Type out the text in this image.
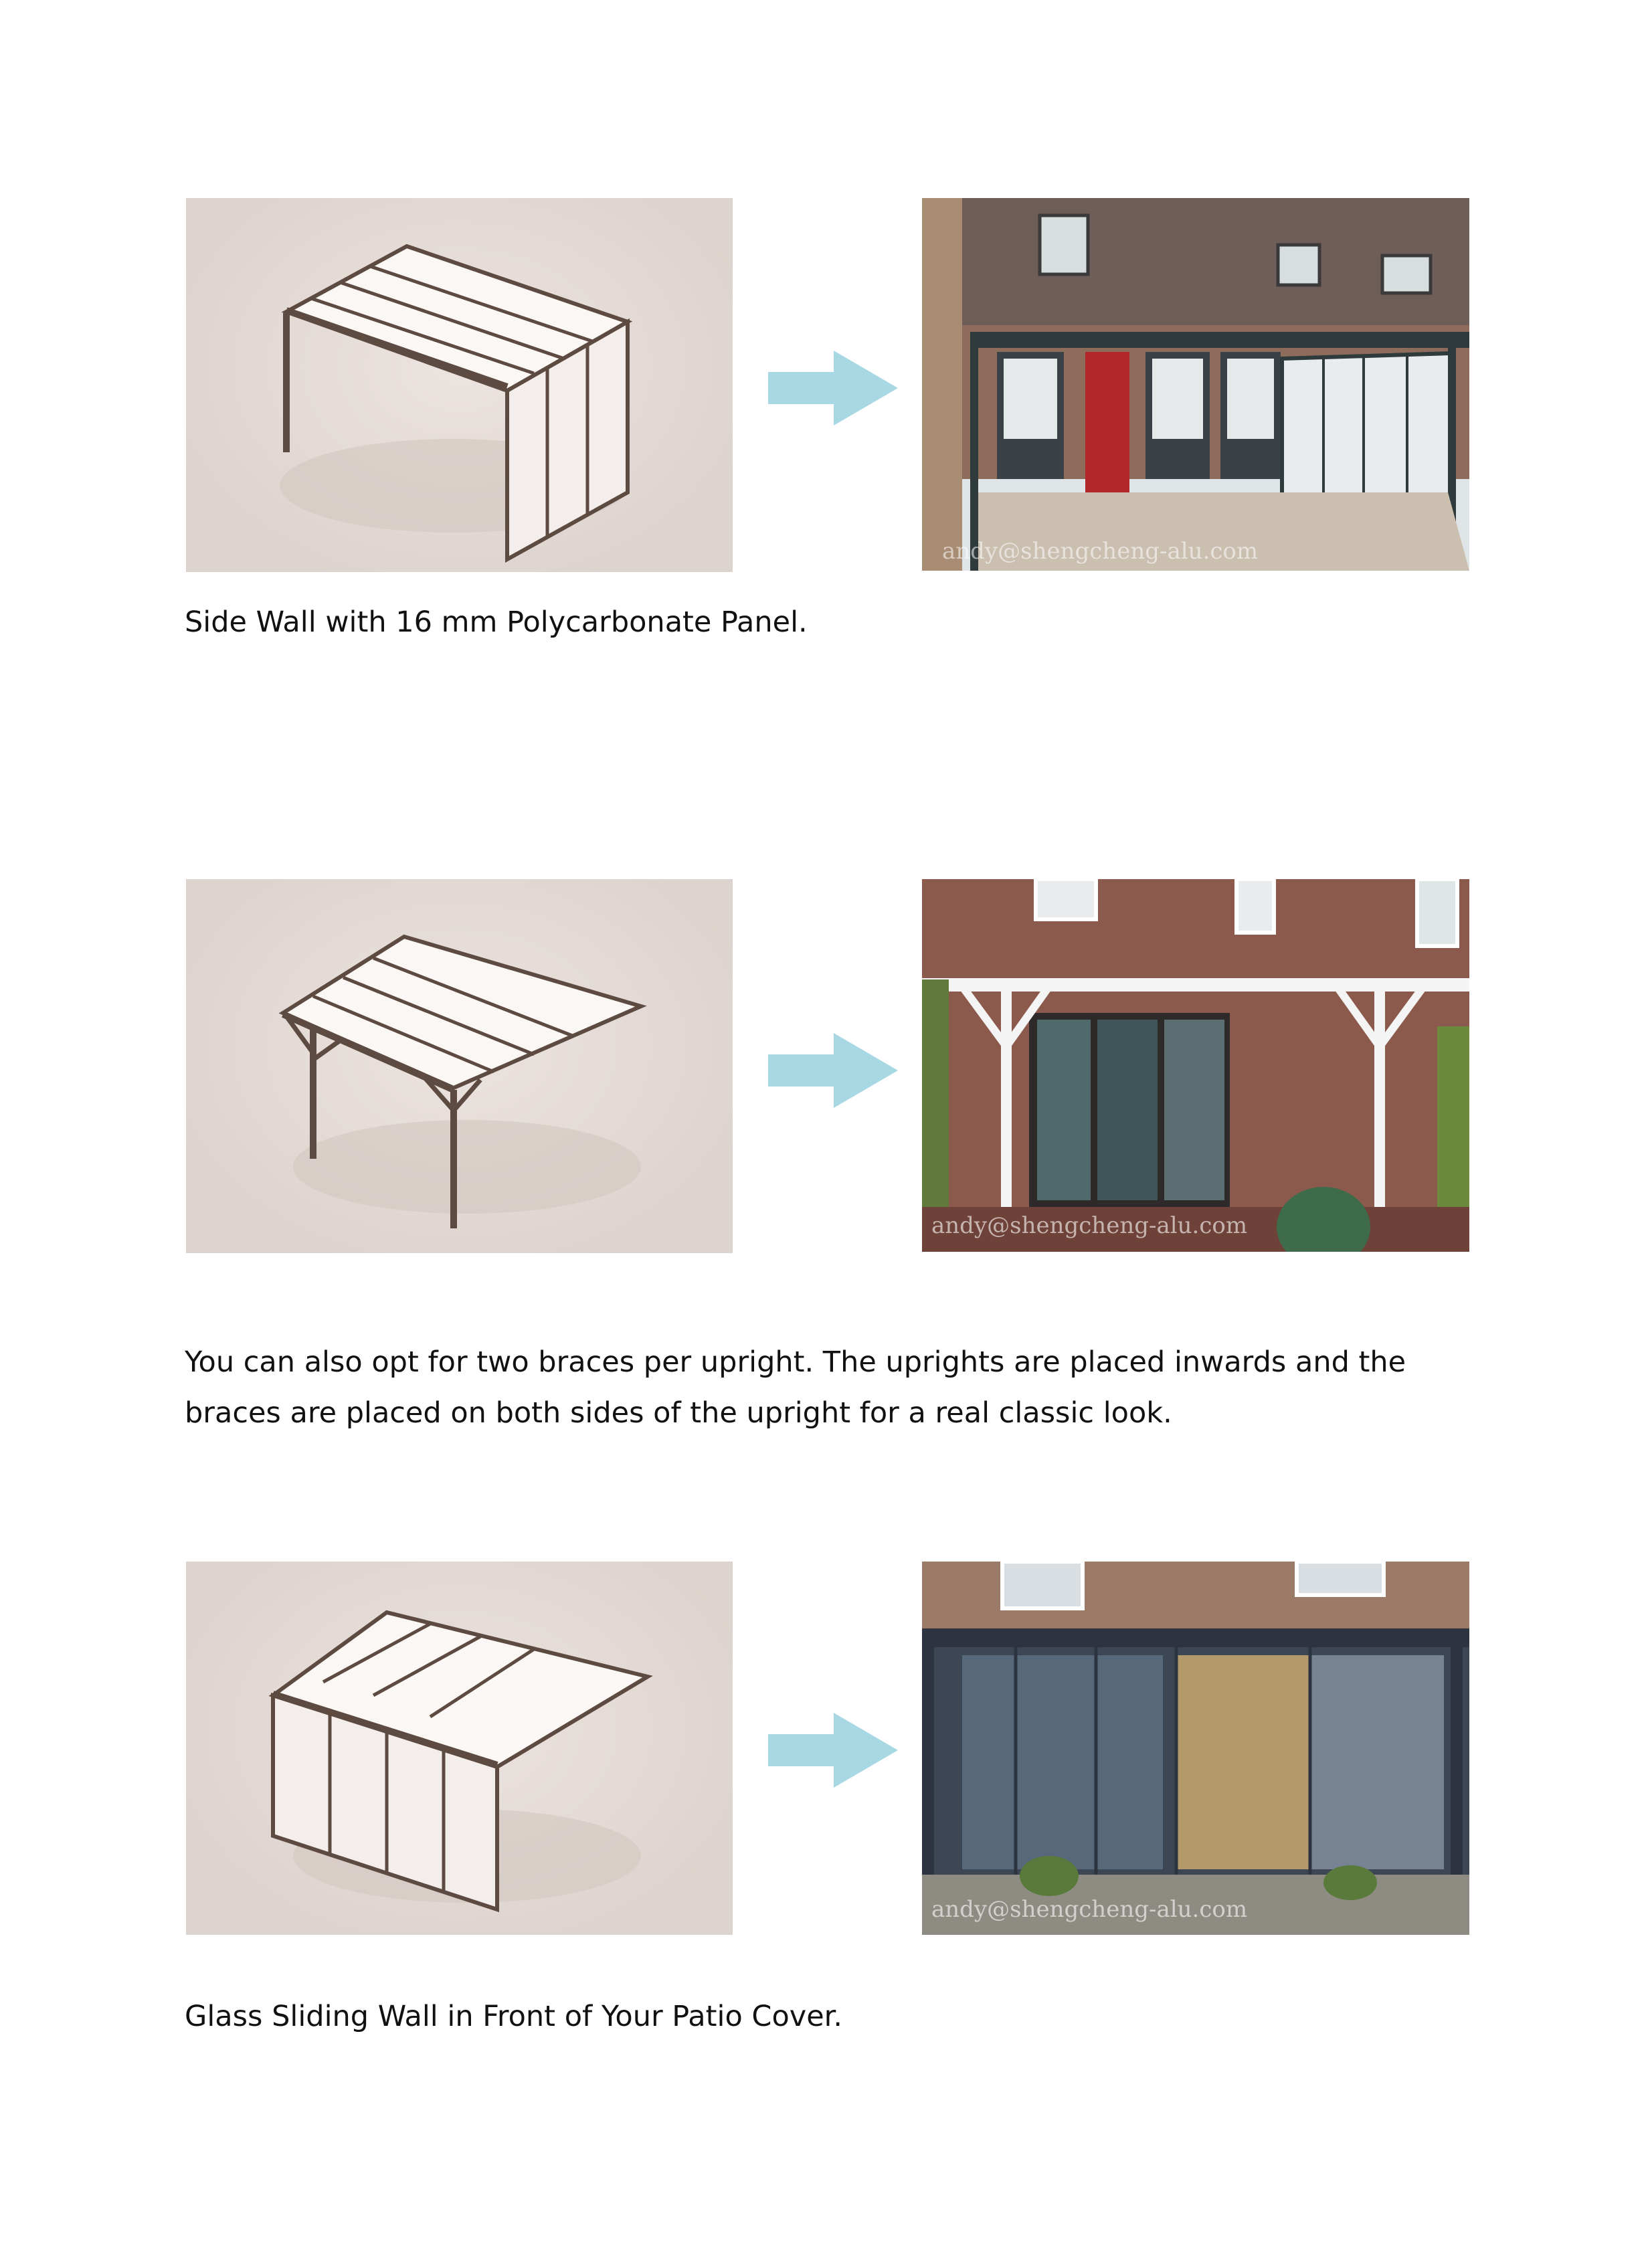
andy@shengcheng-alu.com

Side Wall with 16 mm Polycarbonate Panel.

andy@shengcheng-alu.com

You can also opt for two braces per upright. The uprights are placed inwards and the braces are placed on both sides of the upright for a real classic look.

andy@shengcheng-alu.com

Glass Sliding Wall in Front of Your Patio Cover.
